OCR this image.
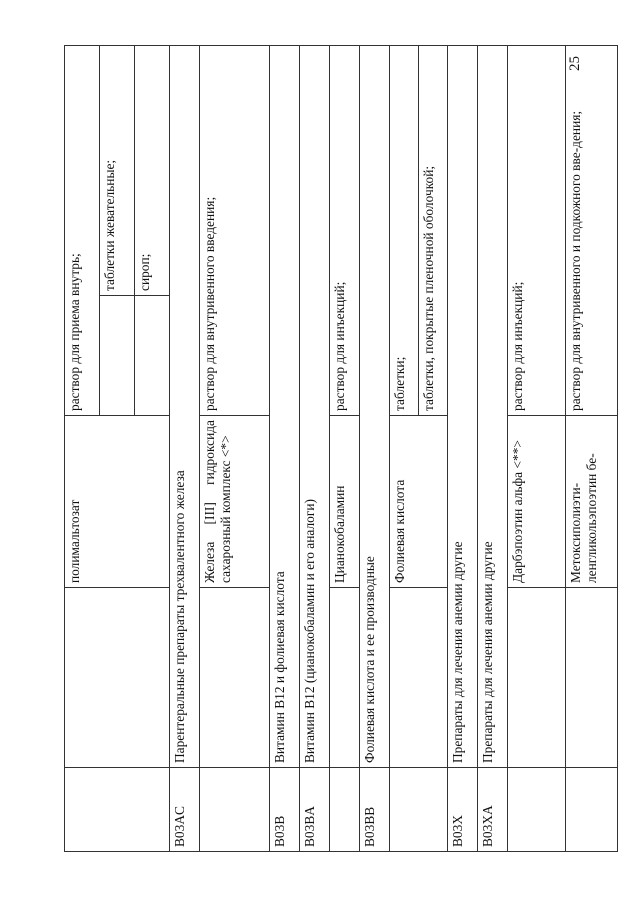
25
		полимальтозат	раствор для приема внутрь;	
				таблетки жевательные;
				сироп;
B03AC	Парентеральные препараты трехвалентного железа			
		Железа [III] гидроксида сахарозный комплекс <*>	раствор для внутривенного введения;	
B03B	Витамин B12 и фолиевая кислота			
B03BA	Витамин B12 (цианокобаламин и его аналоги)			
		Цианокобаламин	раствор для инъекций;	
B03BB	Фолиевая кислота и ее производные			
		Фолиевая кислота	таблетки;	
			таблетки, покрытые пленочной оболочкой;	
B03X	Препараты для лечения анемии другие			
B03XA	Препараты для лечения анемии другие			
		Дарбэпоэтин альфа <**>	раствор для инъекций;	
		Метоксиполиэти-ленгликольэпоэтин бе-	раствор для внутривенного и подкожного вве-дения;	
